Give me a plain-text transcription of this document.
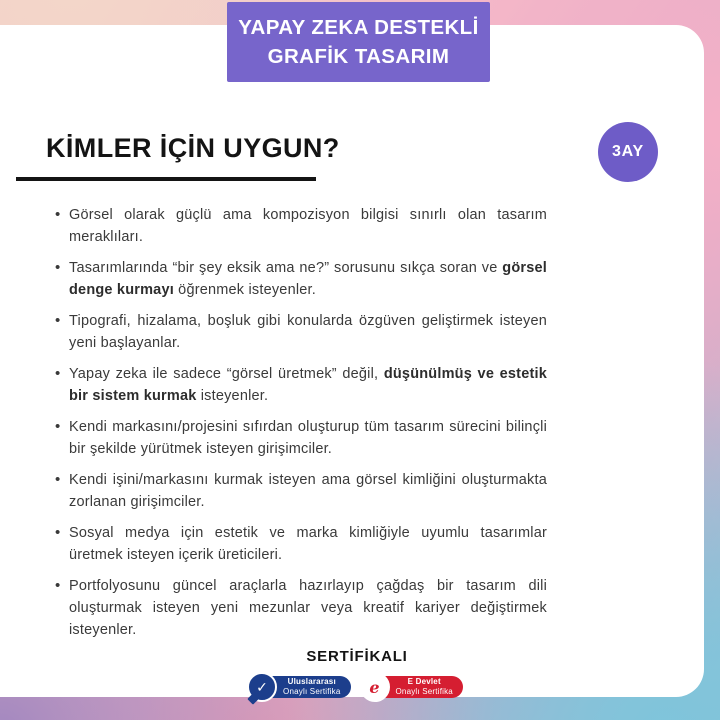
YAPAY ZEKA DESTEKLİ
GRAFİK TASARIM
KİMLER İÇİN UYGUN?	3AY
• Görsel olarak güçlü ama kompozisyon bilgisi sınırlı olan tasarım meraklıları.
• Tasarımlarında “bir şey eksik ama ne?” sorusunu sıkça soran ve görsel denge kurmayı öğrenmek isteyenler.
• Tipografi, hizalama, boşluk gibi konularda özgüven geliştirmek isteyen yeni başlayanlar.
• Yapay zeka ile sadece “görsel üretmek” değil, düşünülmüş ve estetik bir sistem kurmak isteyenler.
• Kendi markasını/projesini sıfırdan oluşturup tüm tasarım sürecini bilinçli bir şekilde yürütmek isteyen girişimciler.
• Kendi işini/markasını kurmak isteyen ama görsel kimliğini oluşturmakta zorlanan girişimciler.
• Sosyal medya için estetik ve marka kimliğiyle uyumlu tasarımlar üretmek isteyen içerik üreticileri.
• Portfolyosunu güncel araçlarla hazırlayıp çağdaş bir tasarım dili oluşturmak isteyen yeni mezunlar veya kreatif kariyer değiştirmek isteyenler.
SERTİFİKALI
✓ Uluslararası
Onaylı Sertifika e	E Devlet
Onaylı Sertifika
